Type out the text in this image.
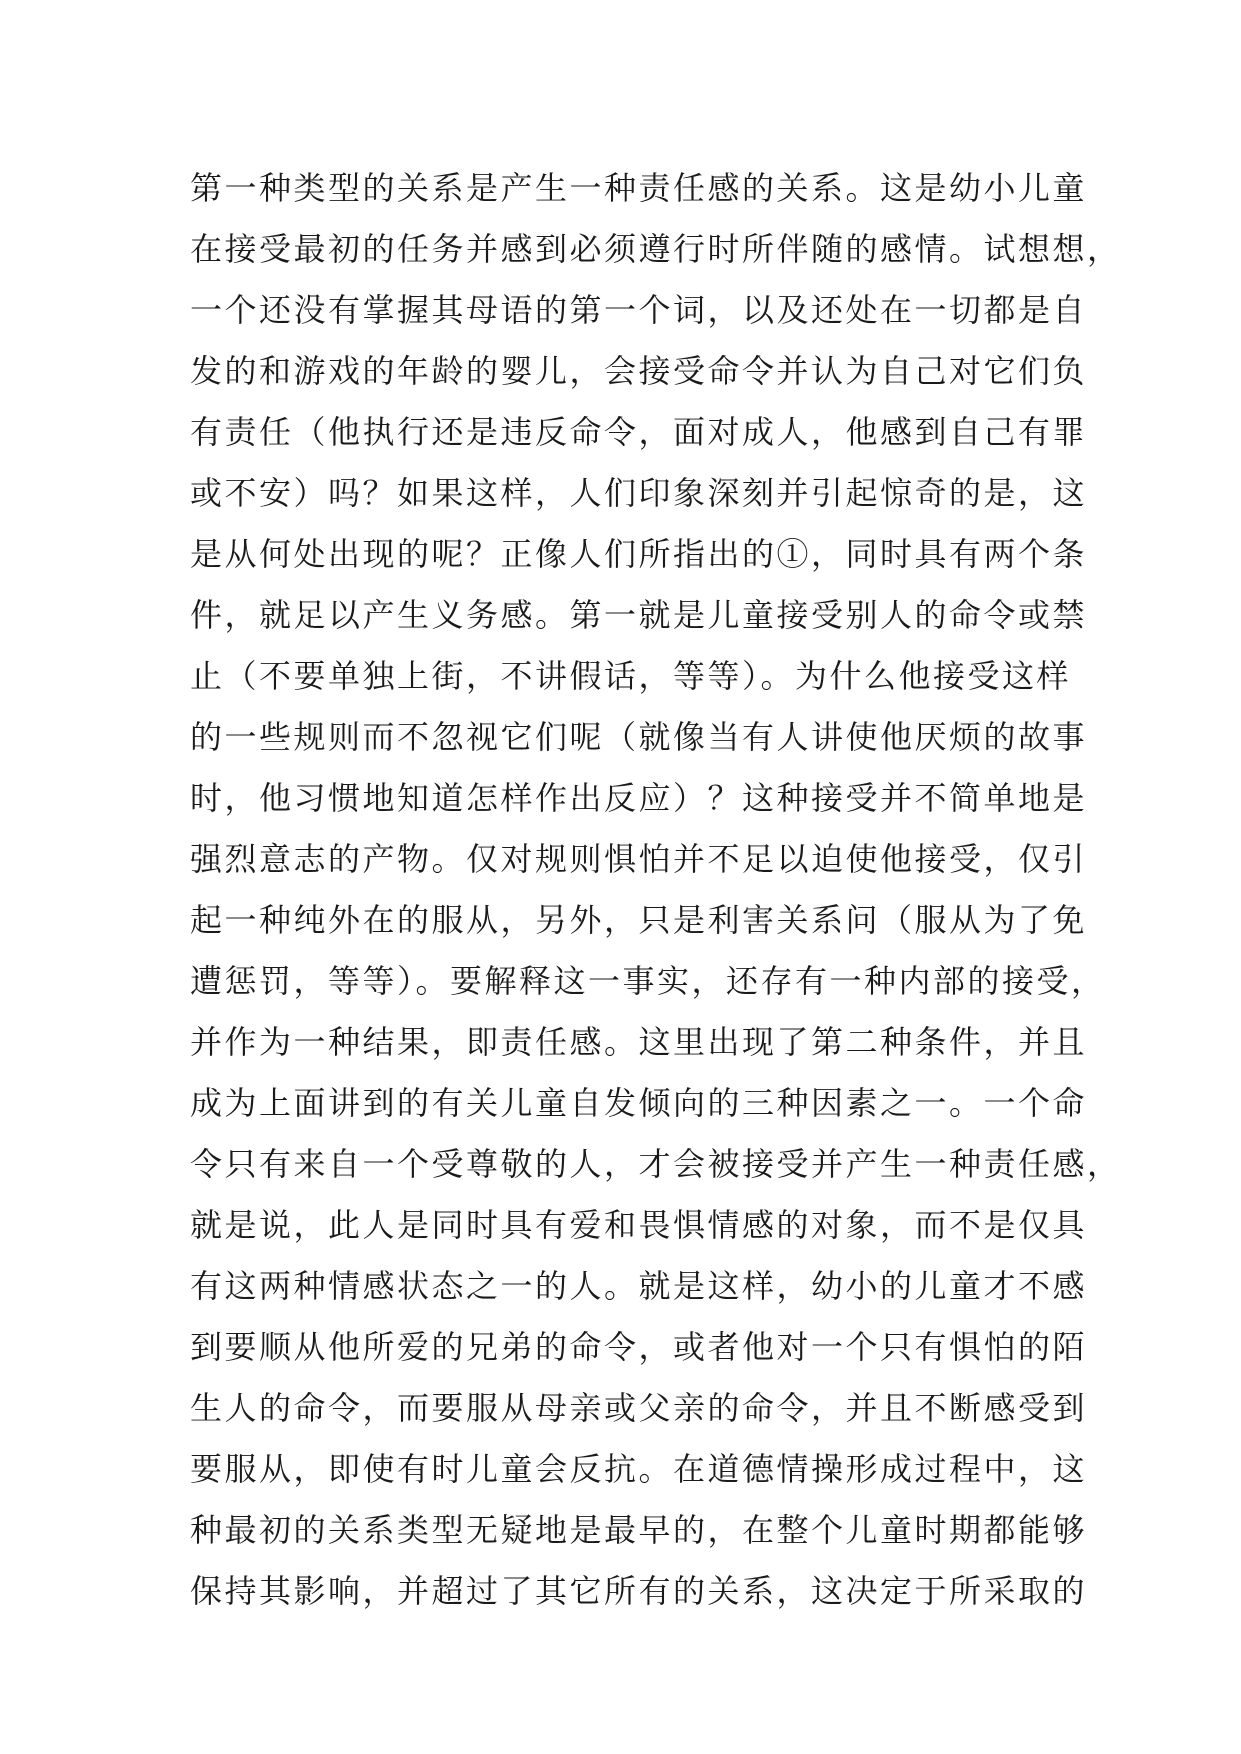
第一种类型的关系是产生一种责任感的关系。这是幼小儿童
在接受最初的任务并感到必须遵行时所伴随的感情。试想想，
一个还没有掌握其母语的第一个词，以及还处在一切都是自
发的和游戏的年龄的婴儿，会接受命令并认为自己对它们负
有责任（他执行还是违反命令，面对成人，他感到自己有罪
或不安）吗？如果这样，人们印象深刻并引起惊奇的是，这
是从何处出现的呢？正像人们所指出的①，同时具有两个条
件，就足以产生义务感。第一就是儿童接受别人的命令或禁
止（不要单独上街，不讲假话，等等）。为什么他接受这样
的一些规则而不忽视它们呢（就像当有人讲使他厌烦的故事
时，他习惯地知道怎样作出反应）？这种接受并不简单地是
强烈意志的产物。仅对规则惧怕并不足以迫使他接受，仅引
起一种纯外在的服从，另外，只是利害关系问（服从为了免
遭惩罚，等等）。要解释这一事实，还存有一种内部的接受，
并作为一种结果，即责任感。这里出现了第二种条件，并且
成为上面讲到的有关儿童自发倾向的三种因素之一。一个命
令只有来自一个受尊敬的人，才会被接受并产生一种责任感，
就是说，此人是同时具有爱和畏惧情感的对象，而不是仅具
有这两种情感状态之一的人。就是这样，幼小的儿童才不感
到要顺从他所爱的兄弟的命令，或者他对一个只有惧怕的陌
生人的命令，而要服从母亲或父亲的命令，并且不断感受到
要服从，即使有时儿童会反抗。在道德情操形成过程中，这
种最初的关系类型无疑地是最早的，在整个儿童时期都能够
保持其影响，并超过了其它所有的关系，这决定于所采取的
